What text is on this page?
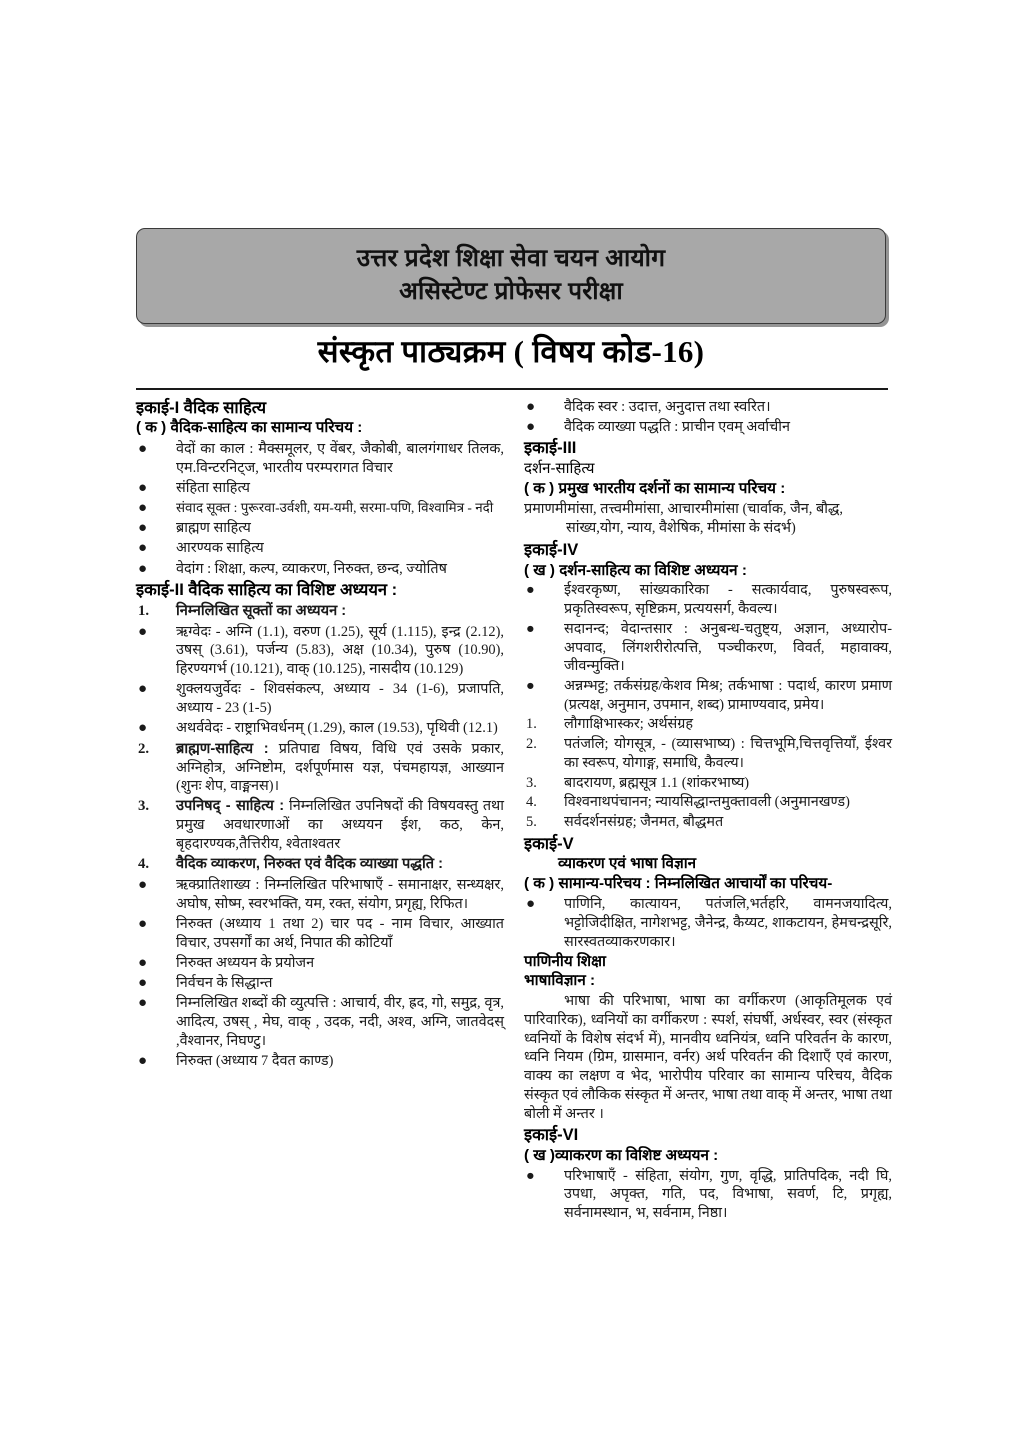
उत्तर प्रदेश शिक्षा सेवा चयन आयोग
असिस्टेण्ट प्रोफेसर परीक्षा
संस्कृत पाठ्यक्रम ( विषय कोड-16)
इकाई-I वैदिक साहित्य
( क ) वैदिक-साहित्य का सामान्य परिचय :
●	वेदों का काल : मैक्समूलर, ए वेंबर, जैकोबी, बालगंगाधर तिलक, एम.विन्टरनिट्ज, भारतीय परम्परागत विचार
●	संहिता साहित्य
●	संवाद सूक्त : पुरूरवा-उर्वशी, यम-यमी, सरमा-पणि, विश्वामित्र - नदी
●	ब्राह्मण साहित्य
●	आरण्यक साहित्य
●	वेदांग : शिक्षा, कल्प, व्याकरण, निरुक्त, छन्द, ज्योतिष
इकाई-II वैदिक साहित्य का विशिष्ट अध्ययन :
1.	निम्नलिखित सूक्तों का अध्ययन :
●	ऋग्वेदः - अग्नि (1.1), वरुण (1.25), सूर्य (1.115), इन्द्र (2.12), उषस् (3.61), पर्जन्य (5.83), अक्ष (10.34), पुरुष (10.90), हिरण्यगर्भ (10.121), वाक् (10.125), नासदीय (10.129)
●	शुक्लयजुर्वेदः - शिवसंकल्प, अध्याय - 34 (1-6), प्रजापति, अध्याय - 23 (1-5)
●	अथर्ववेदः - राष्ट्राभिवर्धनम् (1.29), काल (19.53), पृथिवी (12.1)
2.	ब्राह्मण-साहित्य : प्रतिपाद्य विषय, विधि एवं उसके प्रकार, अग्निहोत्र, अग्निष्टोम, दर्शपूर्णमास यज्ञ, पंचमहायज्ञ, आख्यान (शुनः शेप, वाङ्मनस)।
3.	उपनिषद् - साहित्य : निम्नलिखित उपनिषदों की विषयवस्तु तथा प्रमुख अवधारणाओं का अध्ययन ईश, कठ, केन, बृहदारण्यक,तैत्तिरीय, श्वेताश्वतर
4.	वैदिक व्याकरण, निरुक्त एवं वैदिक व्याख्या पद्धति :
●	ऋक्प्रातिशाख्य : निम्नलिखित परिभाषाएँ - समानाक्षर, सन्ध्यक्षर, अघोष, सोष्म, स्वरभक्ति, यम, रक्त, संयोग, प्रगृह्य, रिफित।
●	निरुक्त (अध्याय 1 तथा 2) चार पद - नाम विचार, आख्यात विचार, उपसर्गों का अर्थ, निपात की कोटियाँ
●	निरुक्त अध्ययन के प्रयोजन
●	निर्वचन के सिद्धान्त
●	निम्नलिखित शब्दों की व्युत्पत्ति : आचार्य, वीर, ह्रद, गो, समुद्र, वृत्र, आदित्य, उषस् , मेघ, वाक् , उदक, नदी, अश्व, अग्नि, जातवेदस् ,वैश्वानर, निघण्टु।
●	निरुक्त (अध्याय 7 दैवत काण्ड)
●	वैदिक स्वर : उदात्त, अनुदात्त तथा स्वरित।
●	वैदिक व्याख्या पद्धति : प्राचीन एवम् अर्वाचीन
इकाई-III
दर्शन-साहित्य
( क ) प्रमुख भारतीय दर्शनों का सामान्य परिचय :
प्रमाणमीमांसा, तत्त्वमीमांसा, आचारमीमांसा (चार्वाक, जैन, बौद्ध,
सांख्य,योग, न्याय, वैशेषिक, मीमांसा के संदर्भ)
इकाई-IV
( ख ) दर्शन-साहित्य का विशिष्ट अध्ययन :
●	ईश्वरकृष्ण, सांख्यकारिका - सत्कार्यवाद, पुरुषस्वरूप, प्रकृतिस्वरूप, सृष्टिक्रम, प्रत्ययसर्ग, कैवल्य।
●	सदानन्द; वेदान्तसार : अनुबन्ध-चतुष्ट्य, अज्ञान, अध्यारोप-अपवाद, लिंगशरीरोत्पत्ति, पञ्चीकरण, विवर्त, महावाक्य, जीवन्मुक्ति।
●	अन्नम्भट्ट; तर्कसंग्रह/केशव मिश्र; तर्कभाषा : पदार्थ, कारण प्रमाण (प्रत्यक्ष, अनुमान, उपमान, शब्द) प्रामाण्यवाद, प्रमेय।
1.	लौगाक्षिभास्कर; अर्थसंग्रह
2.	पतंजलि; योगसूत्र, - (व्यासभाष्य) : चित्तभूमि,चित्तवृत्तियाँ, ईश्वर का स्वरूप, योगाङ्ग, समाधि, कैवल्य।
3.	बादरायण, ब्रह्मसूत्र 1.1 (शांकरभाष्य)
4.	विश्वनाथपंचानन; न्यायसिद्धान्तमुक्तावली (अनुमानखण्ड)
5.	सर्वदर्शनसंग्रह; जैनमत, बौद्धमत
इकाई-V
व्याकरण एवं भाषा विज्ञान
( क ) सामान्य-परिचय : निम्नलिखित आचार्यों का परिचय-
●	पाणिनि, कात्यायन, पतंजलि,भर्तहरि, वामनजयादित्य, भट्टोजिदीक्षित, नागेशभट्ट, जैनेन्द्र, कैय्यट, शाकटायन, हेमचन्द्रसूरि, सारस्वतव्याकरणकार।
पाणिनीय शिक्षा
भाषाविज्ञान :
भाषा की परिभाषा, भाषा का वर्गीकरण (आकृतिमूलक एवं पारिवारिक), ध्वनियों का वर्गीकरण : स्पर्श, संघर्षी, अर्धस्वर, स्वर (संस्कृत ध्वनियों के विशेष संदर्भ में), मानवीय ध्वनियंत्र, ध्वनि परिवर्तन के कारण, ध्वनि नियम (ग्रिम, ग्रासमान, वर्नर) अर्थ परिवर्तन की दिशाएँ एवं कारण, वाक्य का लक्षण व भेद, भारोपीय परिवार का सामान्य परिचय, वैदिक संस्कृत एवं लौकिक संस्कृत में अन्तर, भाषा तथा वाक् में अन्तर, भाषा तथा बोली में अन्तर ।
इकाई-VI
( ख )व्याकरण का विशिष्ट अध्ययन :
●	परिभाषाएँ - संहिता, संयोग, गुण, वृद्धि, प्रातिपदिक, नदी घि, उपधा, अपृक्त, गति, पद, विभाषा, सवर्ण, टि, प्रगृह्य, सर्वनामस्थान, भ, सर्वनाम, निष्ठा।
